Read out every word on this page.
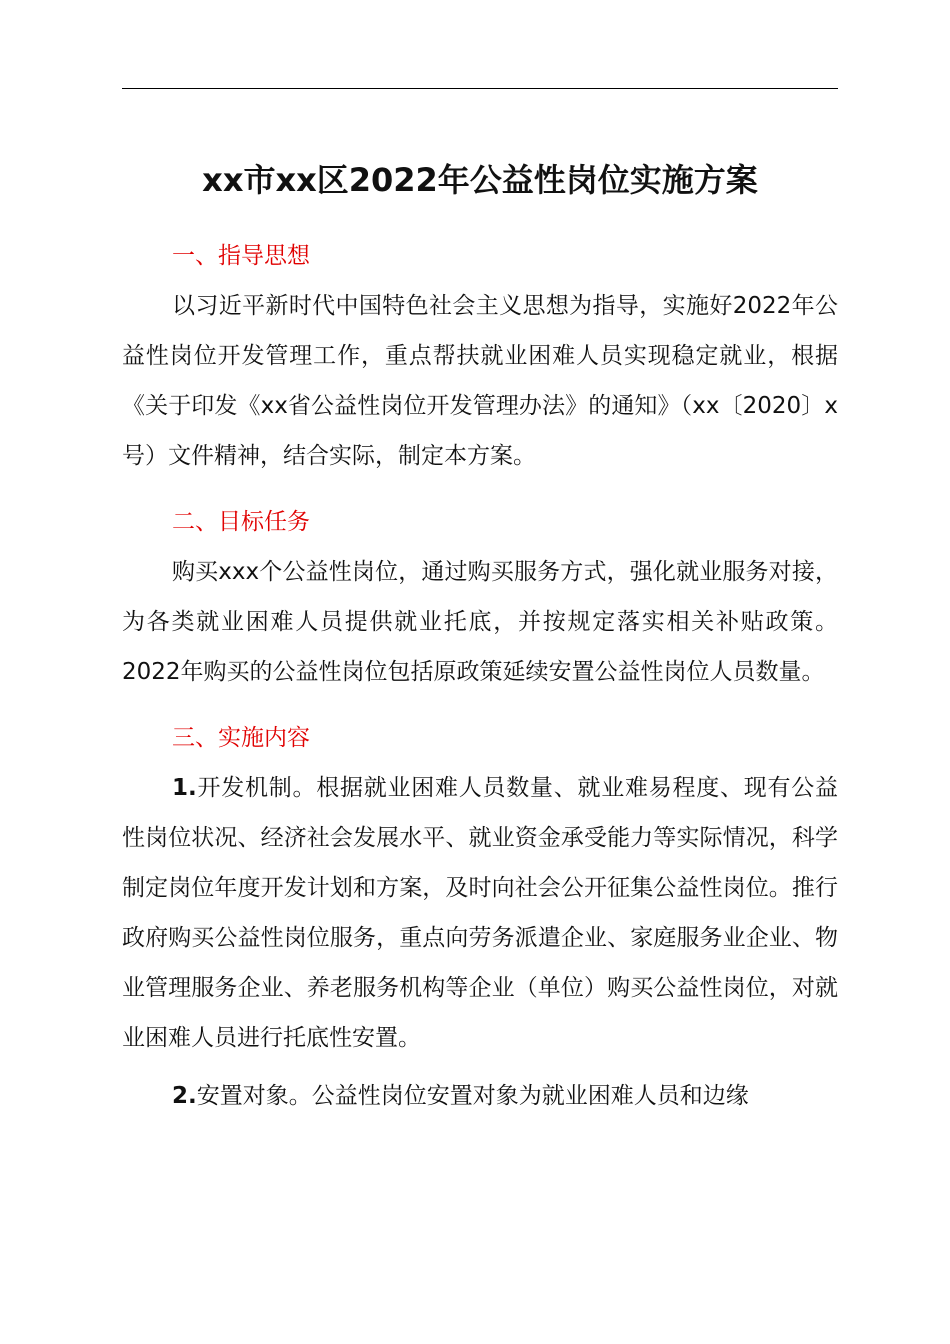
xx市xx区2022年公益性岗位实施方案
一、指导思想

以习近平新时代中国特色社会主义思想为指导，实施好2022年公益性岗位开发管理工作，重点帮扶就业困难人员实现稳定就业，根据《关于印发《xx省公益性岗位开发管理办法》的通知》（xx〔2020〕x号）文件精神，结合实际，制定本方案。

二、目标任务

购买xxx个公益性岗位，通过购买服务方式，强化就业服务对接，为各类就业困难人员提供就业托底，并按规定落实相关补贴政策。2022年购买的公益性岗位包括原政策延续安置公益性岗位人员数量。

三、实施内容

1.开发机制。根据就业困难人员数量、就业难易程度、现有公益性岗位状况、经济社会发展水平、就业资金承受能力等实际情况，科学制定岗位年度开发计划和方案，及时向社会公开征集公益性岗位。推行政府购买公益性岗位服务，重点向劳务派遣企业、家庭服务业企业、物业管理服务企业、养老服务机构等企业（单位）购买公益性岗位，对就业困难人员进行托底性安置。

2.安置对象。公益性岗位安置对象为就业困难人员和边缘
